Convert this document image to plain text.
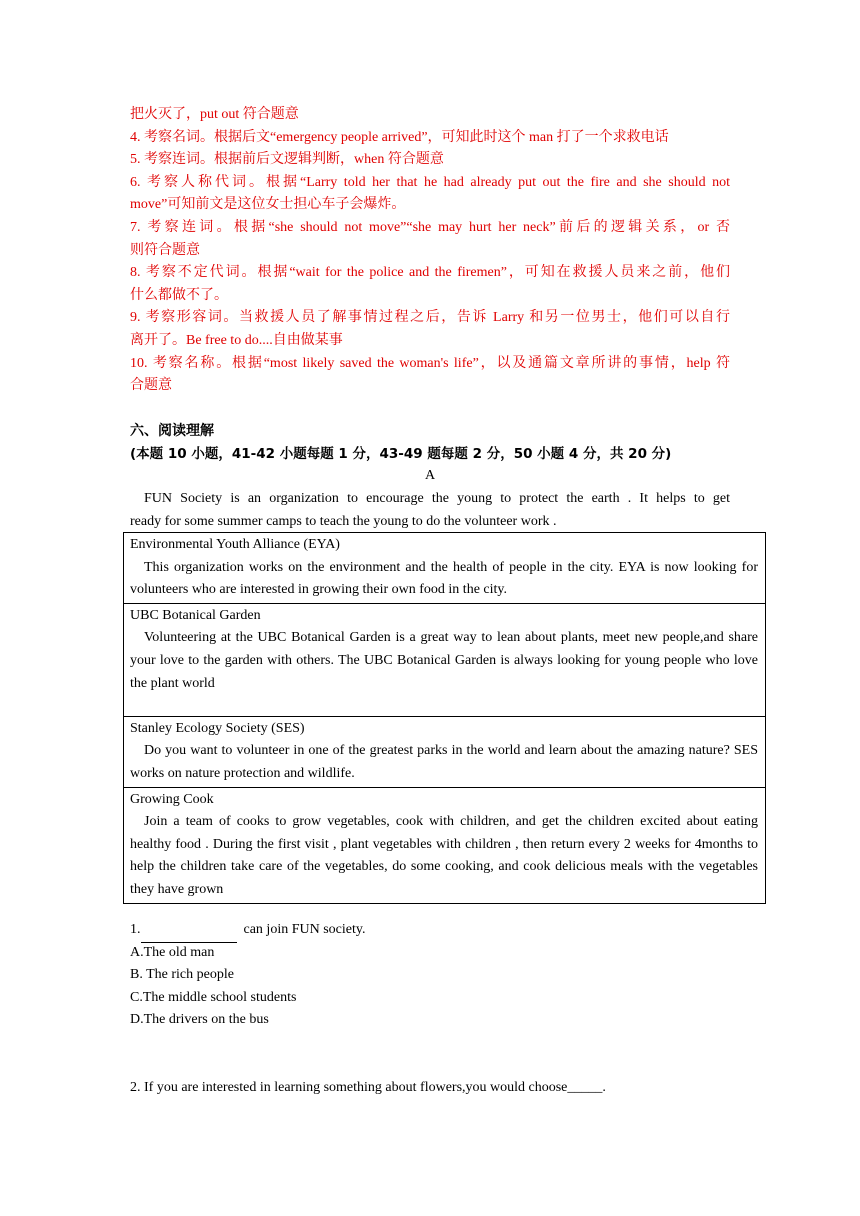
把火灭了，put out 符合题意

4. 考察名词。根据后文“emergency people arrived”，可知此时这个 man 打了一个求救电话

5. 考察连词。根据前后文逻辑判断，when 符合题意

6. 考察人称代词。根据“Larry told her that he had already put out the fire and she should not

move”可知前文是这位女士担心车子会爆炸。

7. 考察连词。根据“she should not move”“she may hurt her neck”前后的逻辑关系，or 否

则符合题意

8. 考察不定代词。根据“wait for the police and the firemen”，可知在救援人员来之前，他们

什么都做不了。

9. 考察形容词。当救援人员了解事情过程之后，告诉 Larry 和另一位男士，他们可以自行

离开了。Be free to do....自由做某事

10. 考察名称。根据“most likely saved the woman's life”，以及通篇文章所讲的事情，help 符

合题意

六、阅读理解
(本题 10 小题，41-42 小题每题 1 分，43-49 题每题 2 分，50 小题 4 分，共 20 分)
A
FUN Society is an organization to encourage the young to protect the earth . It helps to get
ready for some summer camps to teach the young to do the volunteer work .
Environmental Youth Alliance (EYA)
This organization works on the environment and the health of people in the city. EYA is now looking for volunteers who are interested in growing their own food in the city.

UBC Botanical Garden
Volunteering at the UBC Botanical Garden is a great way to lean about plants, meet new people,and share your love to the garden with others. The UBC Botanical Garden is always looking for young people who love the plant world

Stanley Ecology Society (SES)
Do you want to volunteer in one of the greatest parks in the world and learn about the amazing nature? SES works on nature protection and wildlife.

Growing Cook
Join a team of cooks to grow vegetables, cook with children, and get the children excited about eating healthy food . During the first visit , plant vegetables with children , then return every 2 weeks for 4months to help the children take care of the vegetables, do some cooking, and cook delicious meals with the vegetables they have grown
1.	can join FUN society.
A.The old man
B. The rich people
C.The middle school students
D.The drivers on the bus
2. If you are interested in learning something about flowers,you would choose_____.
